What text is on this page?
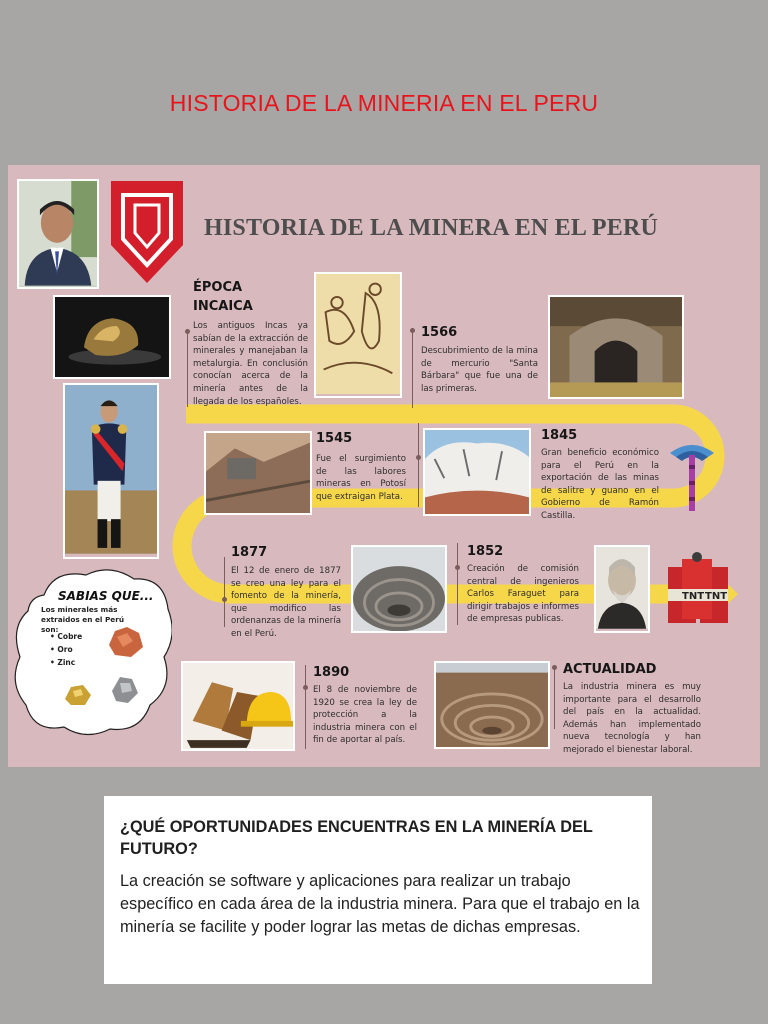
HISTORIA DE LA MINERIA EN EL PERU
HISTORIA DE LA MINERA EN EL PERÚ
TNT TNT
ÉPOCA INCAICA
Los antiguos Incas ya sabían de la extracción de minerales y manejaban la metalurgia. En conclusión conocían acerca de la minería antes de la llegada de los españoles.
1566
Descubrimiento de la mina de mercurio "Santa Bárbara" que fue una de las primeras.
1545
Fue el surgimiento de las labores mineras en Potosí que extraigan Plata.
1845
Gran beneficio económico para el Perú en la exportación de las minas de salitre y guano en el Gobierno de Ramón Castilla.
1877
El 12 de enero de 1877 se creo una ley para el fomento de la minería, que modifico las ordenanzas de la minería en el Perú.
1852
Creación de comisión central de ingenieros Carlos Faraguet para dirigir trabajos e informes de empresas publicas.
1890
El 8 de noviembre de 1920 se crea la ley de protección a la industria minera con el fin de aportar al país.
ACTUALIDAD
La industria minera es muy importante para el desarrollo del país en la actualidad. Además han implementado nueva tecnología y han mejorado el bienestar laboral.
SABIAS QUE...
Los minerales más extraidos en el Perú son:
• Cobre
• Oro
• Zinc
¿QUÉ OPORTUNIDADES ENCUENTRAS EN LA MINERÍA DEL FUTURO?
La creación se software y aplicaciones para realizar un trabajo específico en cada área de la industria minera. Para que el trabajo en la minería se facilite y poder lograr las metas de dichas empresas.
